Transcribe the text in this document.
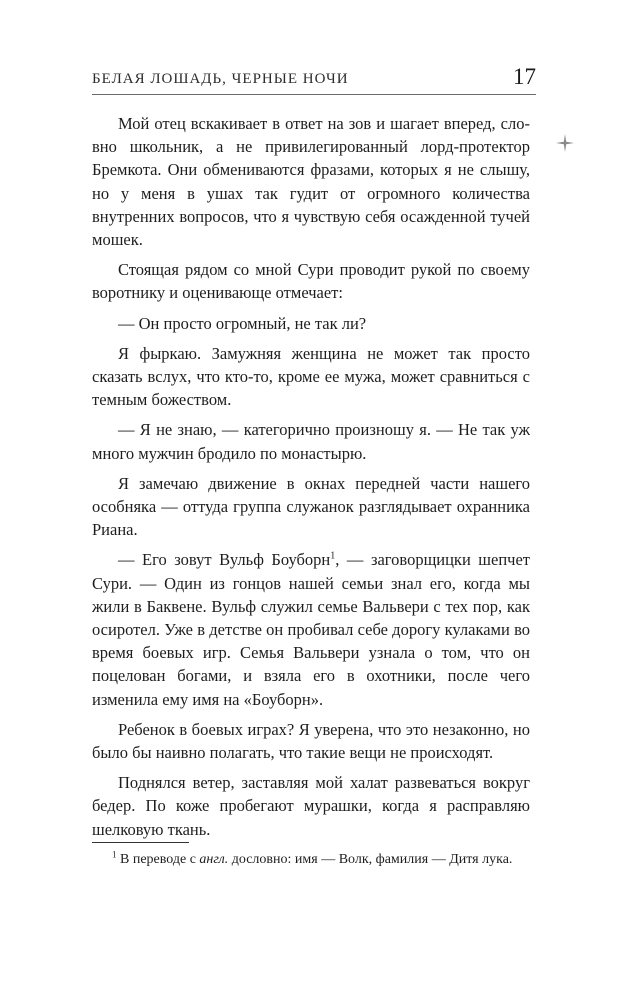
БЕЛАЯ ЛОШАДЬ, ЧЕРНЫЕ НОЧИ	17

Мой отец вскакивает в ответ на зов и шагает вперед, словно школьник, а не привилегированный лорд-протектор Бремкота. Они обмениваются фразами, которых я не слышу, но у меня в ушах так гудит от огромного количества внутренних вопросов, что я чувствую себя осажденной тучей мошек.

Стоящая рядом со мной Сури проводит рукой по своему воротнику и оценивающе отмечает:

— Он просто огромный, не так ли?

Я фыркаю. Замужняя женщина не может так просто сказать вслух, что кто-то, кроме ее мужа, может сравниться с темным божеством.

— Я не знаю, — категорично произношу я. — Не так уж много мужчин бродило по монастырю.

Я замечаю движение в окнах передней части нашего особняка — оттуда группа служанок разглядывает охранника Риана.

— Его зовут Вульф Боуборн$^1$, — заговорщицки шепчет Сури. — Один из гонцов нашей семьи знал его, когда мы жили в Баквене. Вульф служил семье Вальвери с тех пор, как осиротел. Уже в детстве он пробивал себе дорогу кулаками во время боевых игр. Семья Вальвери узнала о том, что он поцелован богами, и взяла его в охотники, после чего изменила ему имя на «Боуборн».

Ребенок в боевых играх? Я уверена, что это незаконно, но было бы наивно полагать, что такие вещи не происходят.

Поднялся ветер, заставляя мой халат развеваться вокруг бедер. По коже пробегают мурашки, когда я расправляю шелковую ткань.

$^1$ В переводе с англ. дословно: имя — Волк, фамилия — Дитя лука.
